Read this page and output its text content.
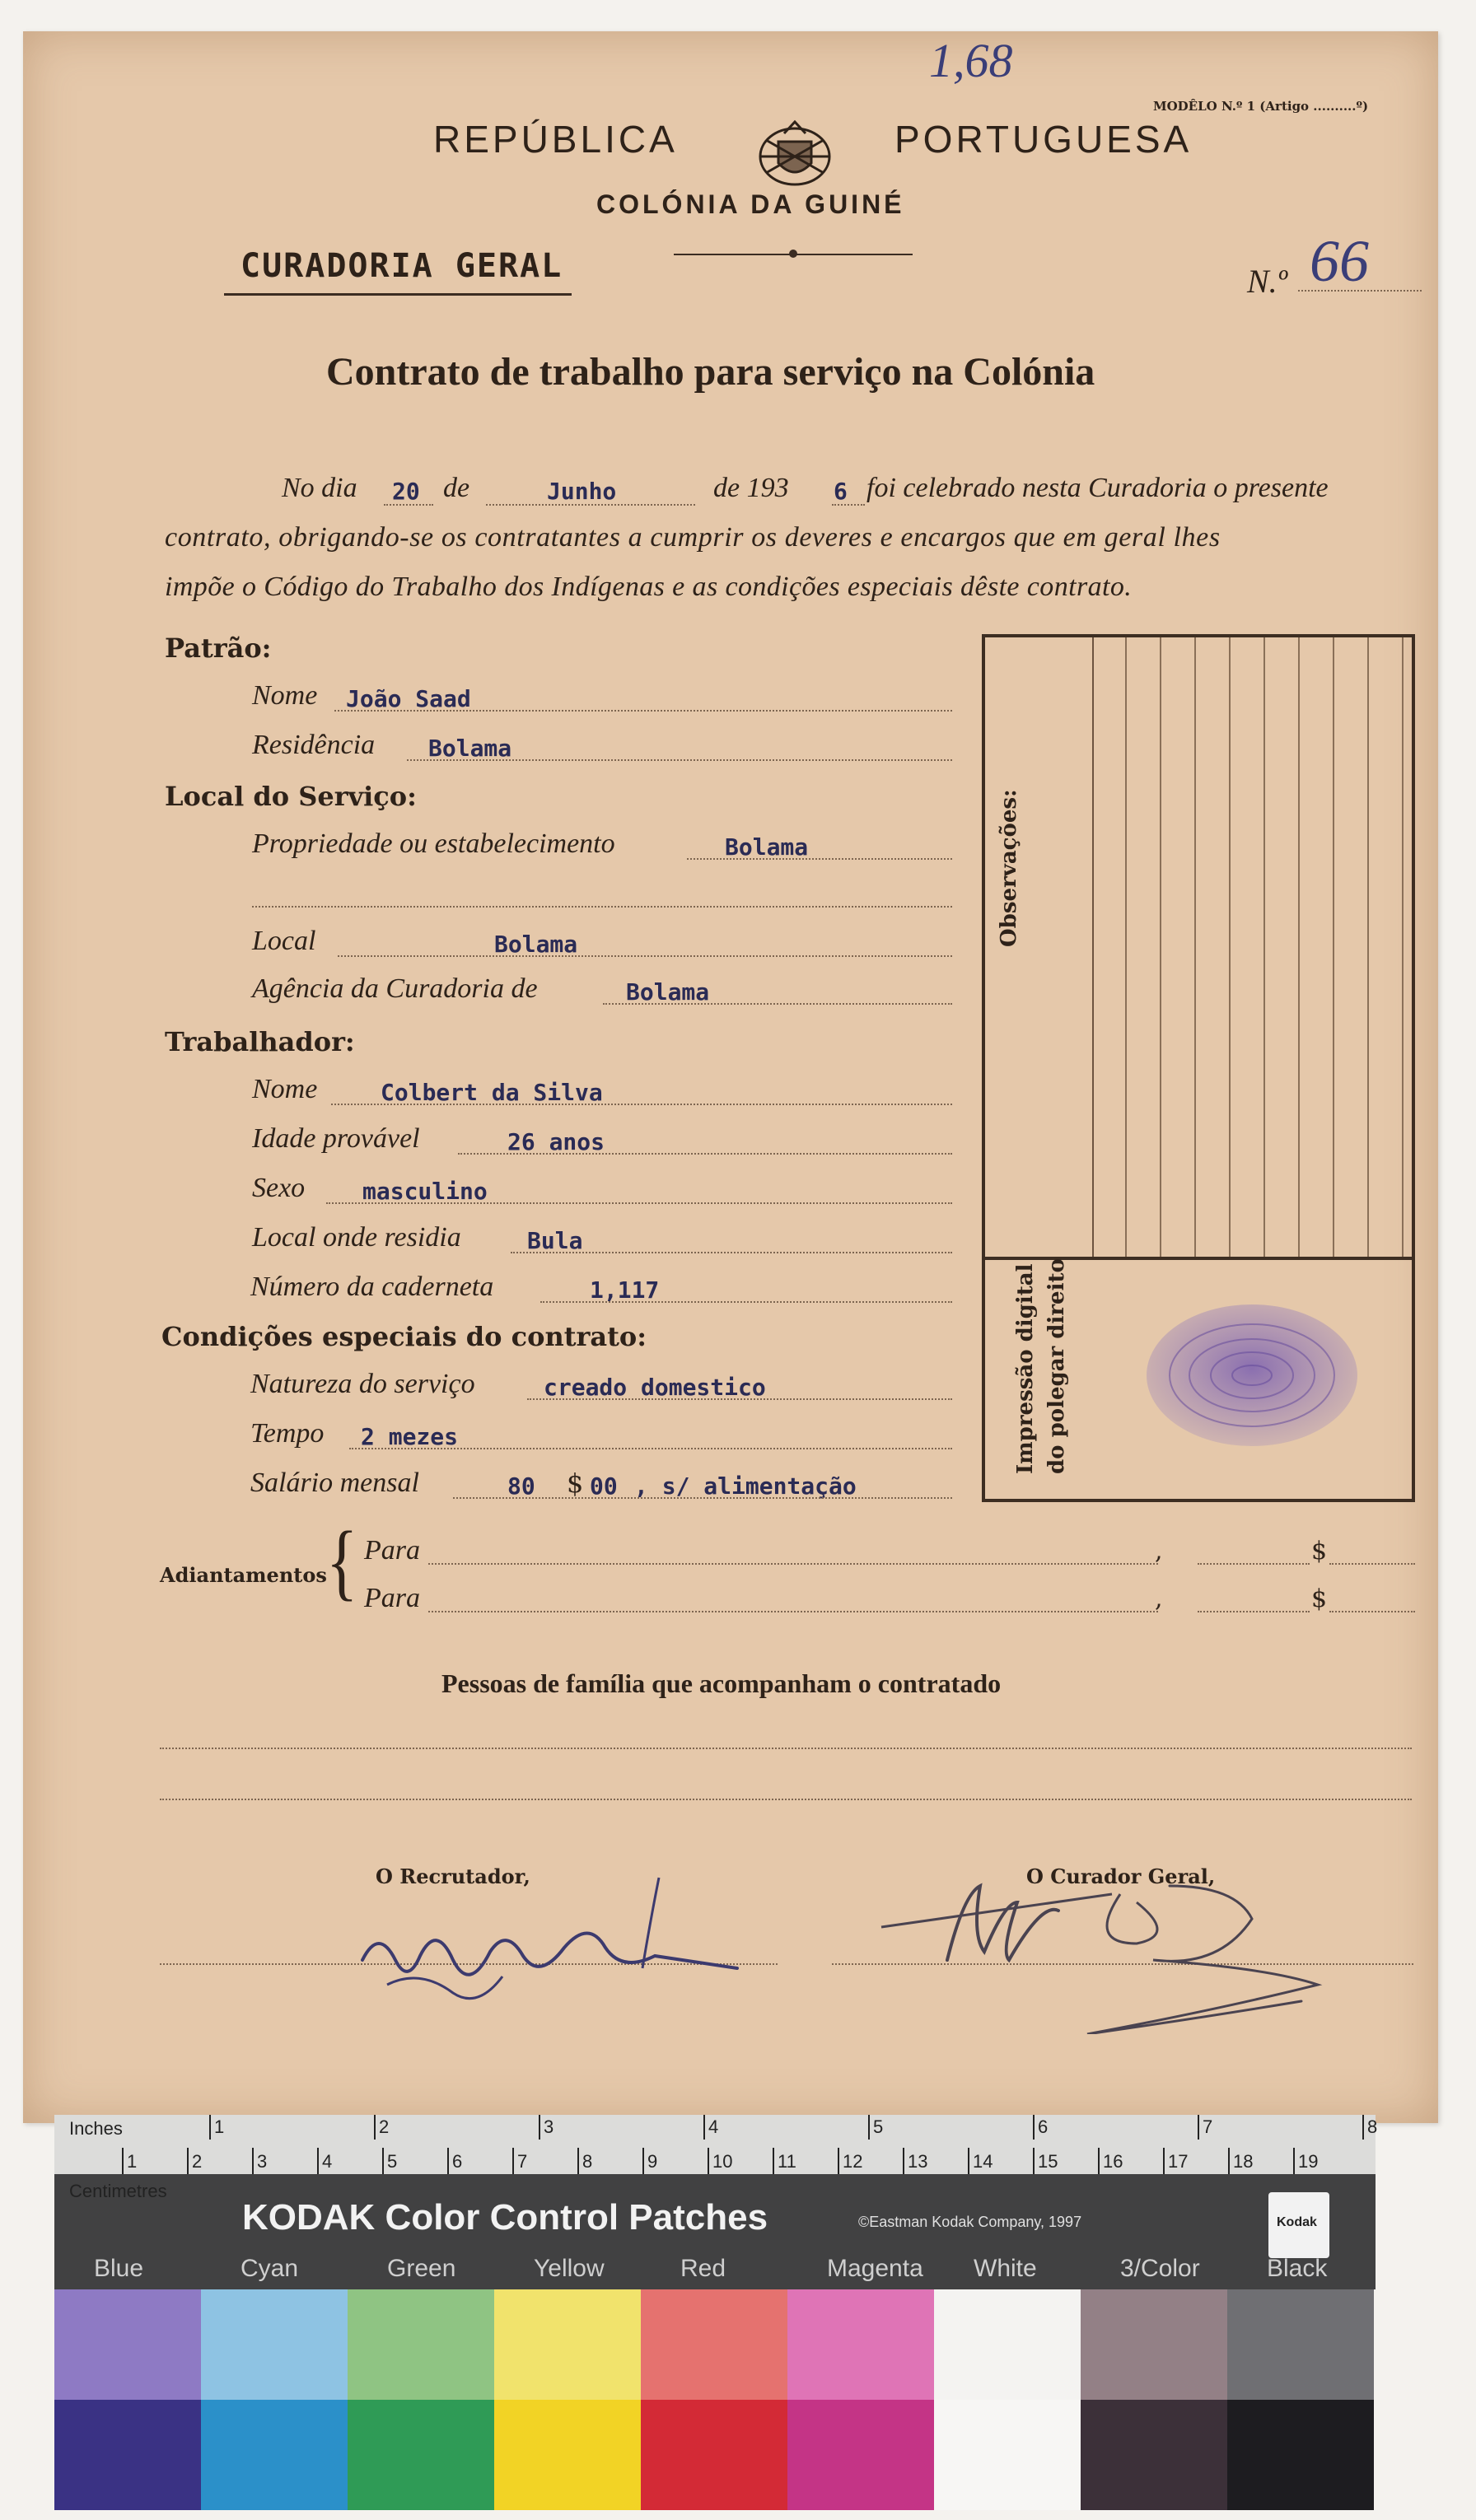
1,68
MODÊLO N.º 1 (Artigo ..........º)
REPÚBLICA	PORTUGUESA
COLÓNIA DA GUINÉ
CURADORIA GERAL	N.º 66
Contrato de trabalho para serviço na Colónia
No dia 20 de	Junho	de 193 6 foi celebrado nesta Curadoria o presente
contrato, obrigando-se os contratantes a cumprir os deveres e encargos que em geral lhes
impõe o Código do Trabalho dos Indígenas e as condições especiais dêste contrato.
Patrão:
Nome João Saad
Residência Bolama
Local do Serviço:
Propriedade ou estabelecimento	Bolama
Local	Bolama
Agência da Curadoria de	Bolama
Trabalhador:
Nome	Colbert da Silva
Idade provável	26 anos
Sexo masculino
Local onde residia	Bula
Número da caderneta	1,117
Condições especiais do contrato:
Natureza do serviço	creado domestico
Tempo 2 mezes
Salário mensal	80 $ 00 , s/ alimentação
Observações:
Impressão digital do polegar direito
Adiantamentos { Para	,	$
Para	,	$
Pessoas de família que acompanham o contratado
O Recrutador,	O Curador Geral,
Inches
Centimetres
1	2	3	4	5	6	7	8
1	2	3	4	5	6	7	8	9	10 11	12 13 14 15 16 17 18 19
KODAK Color Control Patches	©Eastman Kodak Company, 1997	Kodak
Blue	Cyan	Green	Yellow	Red	Magenta White	3/Color	Black
